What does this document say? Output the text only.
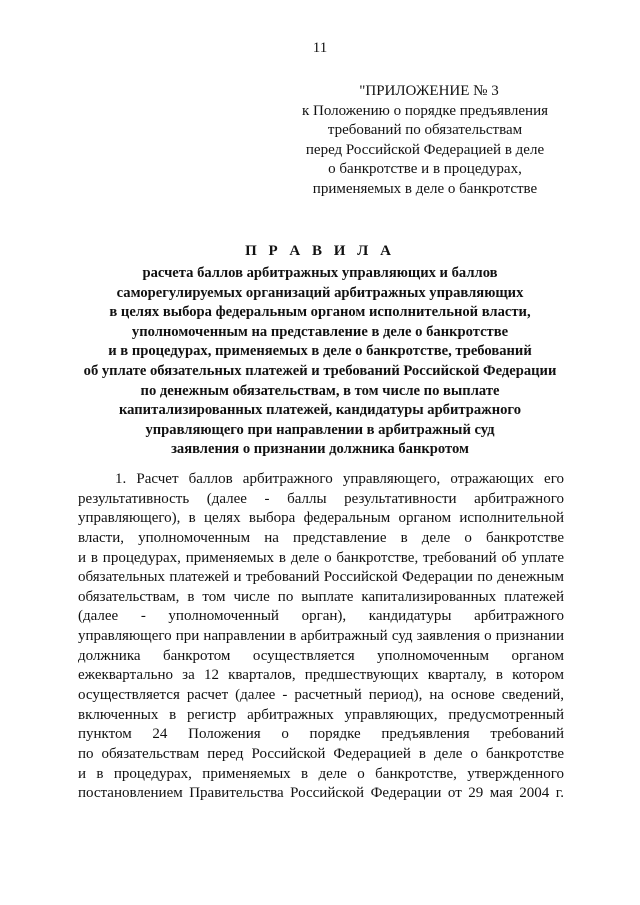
11
"ПРИЛОЖЕНИЕ № 3
к Положению о порядке предъявления
требований по обязательствам
перед Российской Федерацией в деле
о банкротстве и в процедурах,
применяемых в деле о банкротстве
П Р А В И Л А
расчета баллов арбитражных управляющих и баллов
саморегулируемых организаций арбитражных управляющих
в целях выбора федеральным органом исполнительной власти,
уполномоченным на представление в деле о банкротстве
и в процедурах, применяемых в деле о банкротстве, требований
об уплате обязательных платежей и требований Российской Федерации
по денежным обязательствам, в том числе по выплате
капитализированных платежей, кандидатуры арбитражного
управляющего при направлении в арбитражный суд
заявления о признании должника банкротом
1. Расчет баллов арбитражного управляющего, отражающих его
результативность (далее - баллы результативности арбитражного
управляющего), в целях выбора федеральным органом исполнительной
власти, уполномоченным на представление в деле о банкротстве
и в процедурах, применяемых в деле о банкротстве, требований об уплате
обязательных платежей и требований Российской Федерации по денежным
обязательствам, в том числе по выплате капитализированных платежей
(далее - уполномоченный орган), кандидатуры арбитражного
управляющего при направлении в арбитражный суд заявления о признании
должника банкротом осуществляется уполномоченным органом
ежеквартально за 12 кварталов, предшествующих кварталу, в котором
осуществляется расчет (далее - расчетный период), на основе сведений,
включенных в регистр арбитражных управляющих, предусмотренный
пунктом 24 Положения о порядке предъявления требований
по обязательствам перед Российской Федерацией в деле о банкротстве
и в процедурах, применяемых в деле о банкротстве, утвержденного
постановлением Правительства Российской Федерации от 29 мая 2004 г.
